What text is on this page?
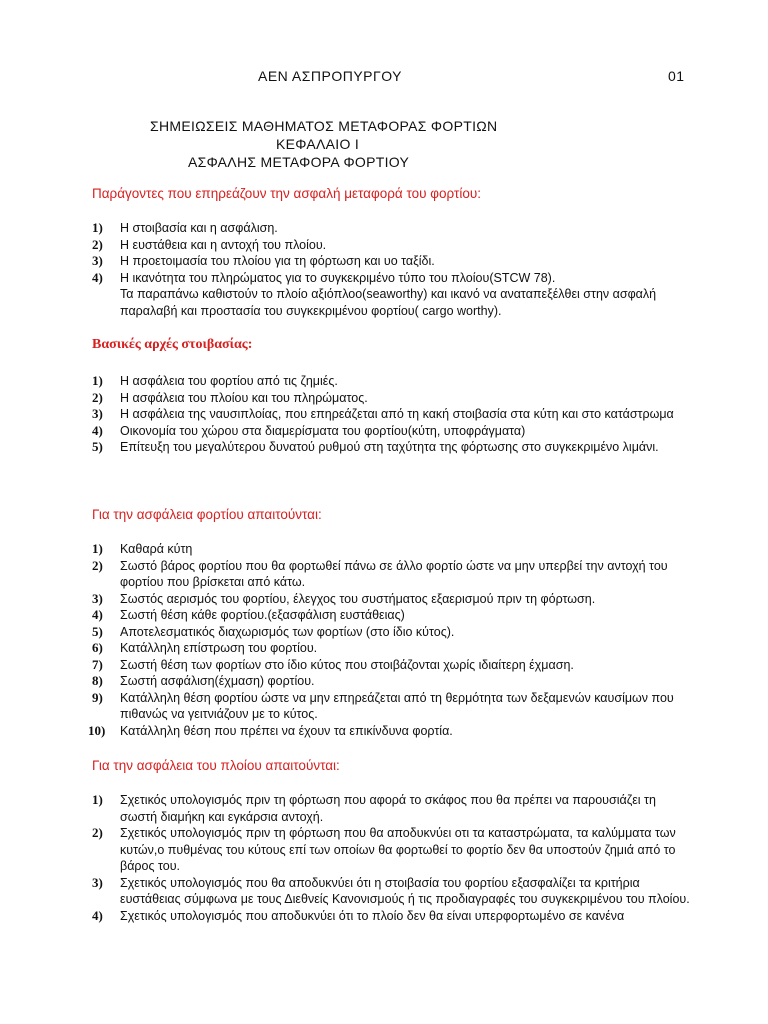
ΑΕΝ ΑΣΠΡΟΠΥΡΓΟΥ	01
ΣΗΜΕΙΩΣΕΙΣ ΜΑΘΗΜΑΤΟΣ ΜΕΤΑΦΟΡΑΣ ΦΟΡΤΙΩΝ
ΚΕΦΑΛΑΙΟ Ι
ΑΣΦΑΛΗΣ ΜΕΤΑΦΟΡΑ ΦΟΡΤΙΟΥ
Παράγοντες που επηρεάζουν την ασφαλή μεταφορά του φορτίου:
1)	Η στοιβασία και η ασφάλιση.
2)	Η ευστάθεια και η αντοχή του πλοίου.
3)	Η προετοιμασία του πλοίου για τη φόρτωση και υο ταξίδι.
4)	Η ικανότητα του πληρώματος για το συγκεκριμένο τύπο του πλοίου(STCW 78).
Τα παραπάνω καθιστούν το πλοίο αξιόπλοο(seaworthy) και ικανό να αναταπεξέλθει στην ασφαλή παραλαβή και προστασία του συγκεκριμένου φορτίου( cargo worthy).
Βασικές αρχές στοιβασίας:
1)	Η ασφάλεια του φορτίου από τις ζημιές.
2)	Η ασφάλεια του πλοίου και του πληρώματος.
3)	Η ασφάλεια της ναυσιπλοίας, που επηρεάζεται από τη κακή στοιβασία στα κύτη και στο κατάστρωμα
4)	Οικονομία του χώρου στα διαμερίσματα του φορτίου(κύτη, υποφράγματα)
5)	Επίτευξη του μεγαλύτερου δυνατού ρυθμού στη ταχύτητα της φόρτωσης στο συγκεκριμένο λιμάνι.
Για την ασφάλεια φορτίου απαιτούνται:
1)	Καθαρά κύτη
2)	Σωστό βάρος φορτίου που θα φορτωθεί πάνω σε άλλο φορτίο ώστε να μην υπερβεί την αντοχή του φορτίου που βρίσκεται από κάτω.
3)	Σωστός αερισμός του φορτίου, έλεγχος του συστήματος εξαερισμού πριν τη φόρτωση.
4)	Σωστή θέση κάθε φορτίου.(εξασφάλιση ευστάθειας)
5)	Αποτελεσματικός διαχωρισμός των φορτίων (στο ίδιο κύτος).
6)	Κατάλληλη επίστρωση του φορτίου.
7)	Σωστή θέση των φορτίων στο ίδιο κύτος που στοιβάζονται χωρίς ιδιαίτερη έχμαση.
8)	Σωστή ασφάλιση(έχμαση) φορτίου.
9)	Κατάλληλη θέση φορτίου ώστε να μην επηρεάζεται από τη θερμότητα των δεξαμενών καυσίμων που πιθανώς να γειτνιάζουν με το κύτος.
10)	Κατάλληλη θέση που πρέπει να έχουν τα επικίνδυνα φορτία.
Για την ασφάλεια του πλοίου απαιτούνται:
1)	Σχετικός υπολογισμός πριν τη φόρτωση που αφορά το σκάφος που θα πρέπει να παρουσιάζει τη σωστή διαμήκη και εγκάρσια αντοχή.
2)	Σχετικός υπολογισμός πριν τη φόρτωση που θα αποδυκνύει οτι τα καταστρώματα, τα καλύμματα των κυτών,ο πυθμένας του κύτους επί των οποίων θα φορτωθεί το φορτίο δεν θα υποστούν ζημιά από το βάρος του.
3)	Σχετικός υπολογισμός που θα αποδυκνύει ότι η στοιβασία του φορτίου εξασφαλίζει τα κριτήρια ευστάθειας σύμφωνα με τους Διεθνείς Κανονισμούς ή τις προδιαγραφές του συγκεκριμένου του πλοίου.
4)	Σχετικός υπολογισμός που αποδυκνύει ότι το πλοίο δεν θα είναι υπερφορτωμένο σε κανένα
